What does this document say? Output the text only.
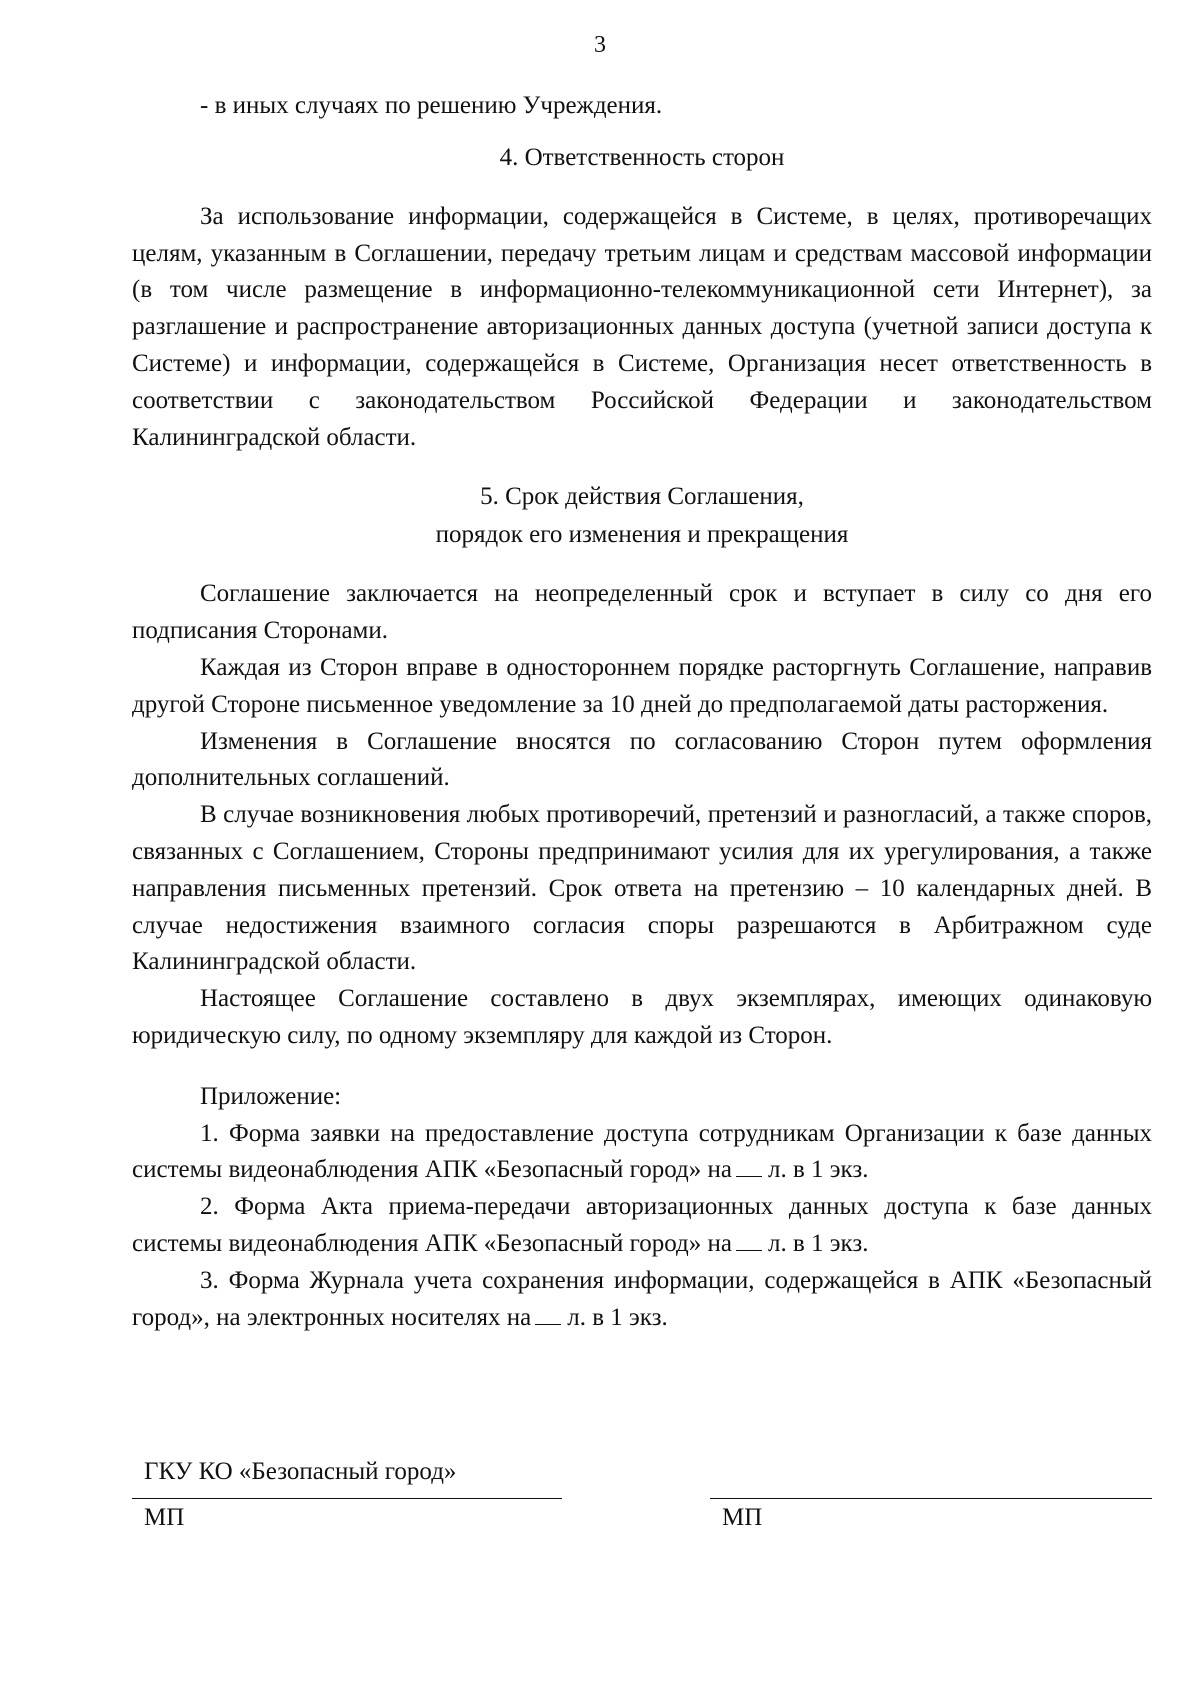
3

- в иных случаях по решению Учреждения.

4. Ответственность сторон

За использование информации, содержащейся в Системе, в целях, противоречащих целям, указанным в Соглашении, передачу третьим лицам и средствам массовой информации (в том числе размещение в информационно-телекоммуникационной сети Интернет), за разглашение и распространение авторизационных данных доступа (учетной записи доступа к Системе) и информации, содержащейся в Системе, Организация несет ответственность в соответствии с законодательством Российской Федерации и законодательством Калининградской области.

5. Срок действия Соглашения,

порядок его изменения и прекращения

Соглашение заключается на неопределенный срок и вступает в силу со дня его подписания Сторонами.

Каждая из Сторон вправе в одностороннем порядке расторгнуть Соглашение, направив другой Стороне письменное уведомление за 10 дней до предполагаемой даты расторжения.

Изменения в Соглашение вносятся по согласованию Сторон путем оформления дополнительных соглашений.

В случае возникновения любых противоречий, претензий и разногласий, а также споров, связанных с Соглашением, Стороны предпринимают усилия для их урегулирования, а также направления письменных претензий. Срок ответа на претензию – 10 календарных дней. В случае недостижения взаимного согласия споры разрешаются в Арбитражном суде Калининградской области.

Настоящее Соглашение составлено в двух экземплярах, имеющих одинаковую юридическую силу, по одному экземпляру для каждой из Сторон.

Приложение:

1. Форма заявки на предоставление доступа сотрудникам Организации к базе данных системы видеонаблюдения АПК «Безопасный город» на л. в 1 экз.

2. Форма Акта приема-передачи авторизационных данных доступа к базе данных системы видеонаблюдения АПК «Безопасный город» на л. в 1 экз.

3. Форма Журнала учета сохранения информации, содержащейся в АПК «Безопасный город», на электронных носителях на л. в 1 экз.

ГКУ КО «Безопасный город»
МП	МП
